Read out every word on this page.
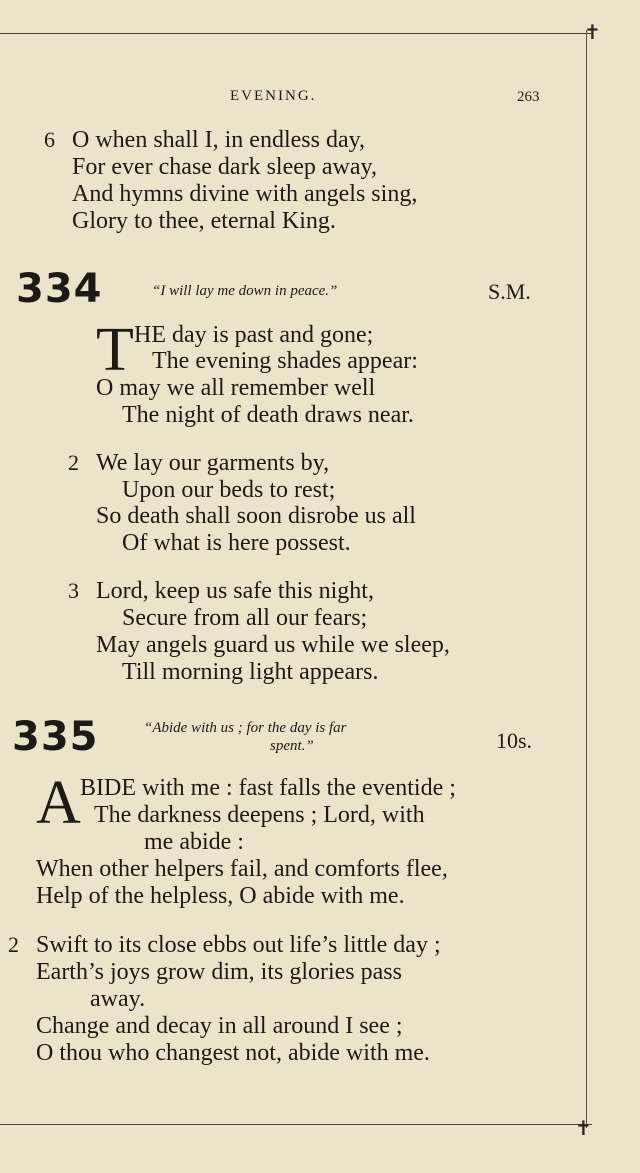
✝
✝
EVENING.	263
6 O when shall I, in endless day,
For ever chase dark sleep away,
And hymns divine with angels sing,
Glory to thee, eternal King.
334	“I will lay me down in peace.”	S.M.
T HE day is past and gone;
The evening shades appear:
O may we all remember well
The night of death draws near.
2 We lay our garments by,
Upon our beds to rest;
So death shall soon disrobe us all
Of what is here possest.
3 Lord, keep us safe this night,
Secure from all our fears;
May angels guard us while we sleep,
Till morning light appears.
335	“Abide with us ; for the day is far
spent.”	10s.
A BIDE with me : fast falls the eventide ;
The darkness deepens ; Lord, with
me abide :
When other helpers fail, and comforts flee,
Help of the helpless, O abide with me.
2 Swift to its close ebbs out life’s little day ;
Earth’s joys grow dim, its glories pass
away.
Change and decay in all around I see ;
O thou who changest not, abide with me.
